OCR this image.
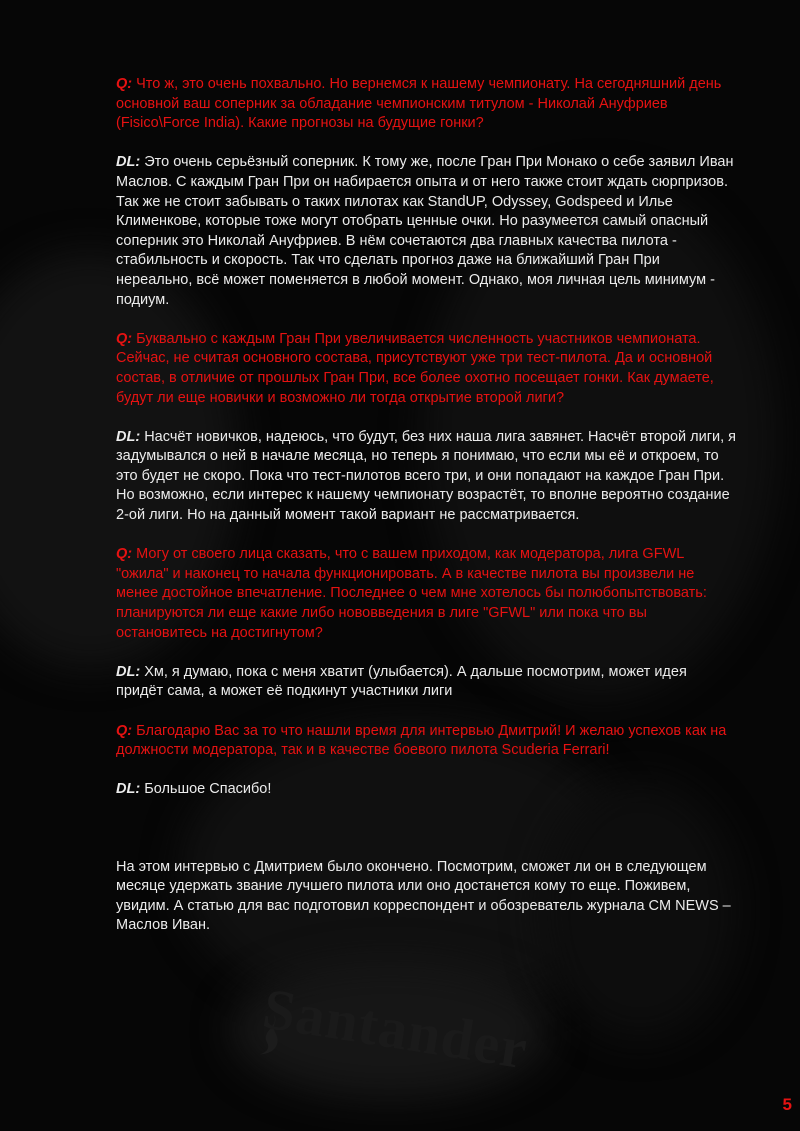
Santander

Q: Что ж, это очень похвально. Но вернемся к нашему чемпионату. На сегодняшний день основной ваш соперник за обладание чемпионским титулом - Николай Ануфриев (Fisico\Force India). Какие прогнозы на будущие гонки?

DL: Это очень серьёзный соперник. К тому же, после Гран При Монако о себе заявил Иван Маслов. С каждым Гран При он набирается опыта и от него также стоит ждать сюрпризов. Так же не стоит забывать о таких пилотах как StandUP, Odyssey, Godspeed и Илье Клименкове, которые тоже могут отобрать ценные очки. Но разумеется самый опасный соперник это Николай Ануфриев. В нём сочетаются два главных качества пилота - стабильность и скорость. Так что сделать прогноз даже на ближайший Гран При нереально, всё может поменяется в любой момент. Однако, моя личная цель минимум - подиум.

Q: Буквально с каждым Гран При увеличивается численность участников чемпионата. Сейчас, не считая основного состава, присутствуют уже три тест-пилота. Да и основной состав, в отличие от прошлых Гран При, все более охотно посещает гонки. Как думаете, будут ли еще новички и возможно ли тогда открытие второй лиги?

DL: Насчёт новичков, надеюсь, что будут, без них наша лига завянет. Насчёт второй лиги, я задумывался о ней в начале месяца, но теперь я понимаю, что если мы её и откроем, то это будет не скоро. Пока что тест-пилотов всего три, и они попадают на каждое Гран При. Но возможно, если интерес к нашему чемпионату возрастёт, то вполне вероятно создание 2-ой лиги. Но на данный момент такой вариант не рассматривается.

Q: Могу от своего лица сказать, что с вашем приходом, как модератора, лига GFWL "ожила" и наконец то начала функционировать. А в качестве пилота вы произвели не менее достойное впечатление. Последнее о чем мне хотелось бы полюбопытствовать: планируются ли еще какие либо нововведения в лиге "GFWL" или пока что вы остановитесь на достигнутом?

DL: Хм, я думаю, пока с меня хватит (улыбается). А дальше посмотрим, может идея придёт сама, а может её подкинут участники лиги

Q: Благодарю Вас за то что нашли время для интервью Дмитрий! И желаю успехов как на должности модератора, так и в качестве боевого пилота Scuderia Ferrari!

DL: Большое Спасибо!

На этом интервью с Дмитрием было окончено. Посмотрим, сможет ли он в следующем месяце удержать звание лучшего пилота или оно достанется кому то еще. Поживем, увидим. А статью для вас подготовил корреспондент и обозреватель журнала CM NEWS – Маслов Иван.

5
